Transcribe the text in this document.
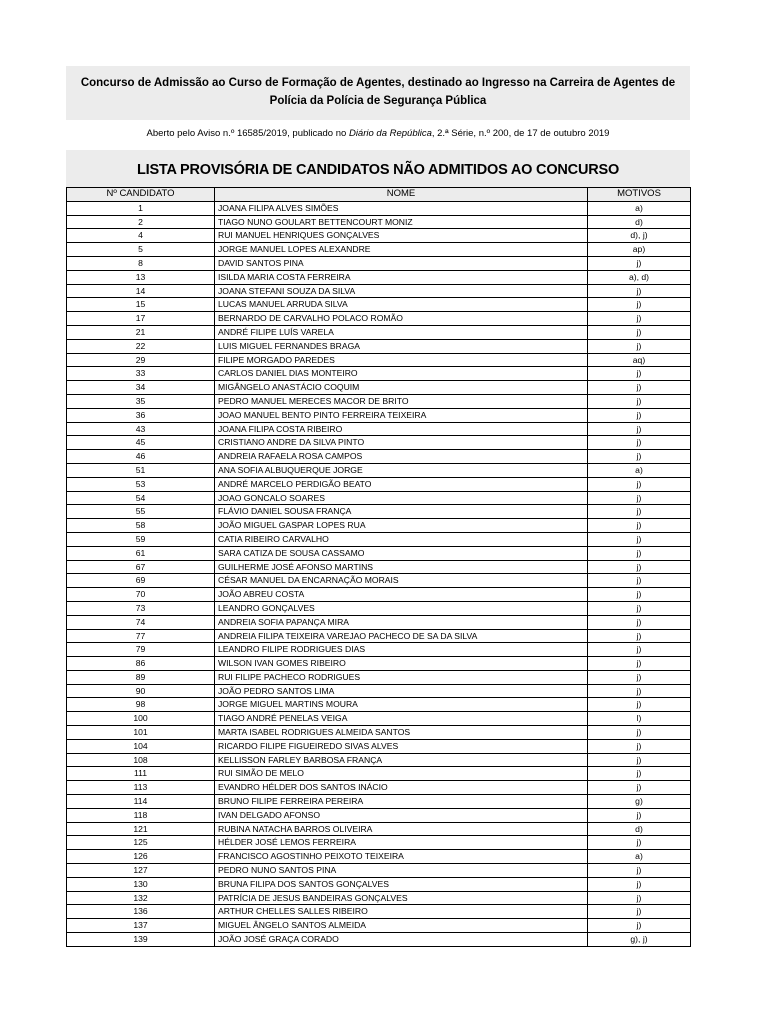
Concurso de Admissão ao Curso de Formação de Agentes, destinado ao Ingresso na Carreira de Agentes de Polícia da Polícia de Segurança Pública
Aberto pelo Aviso n.º 16585/2019, publicado no Diário da República, 2.ª Série, n.º 200, de 17 de outubro 2019
LISTA PROVISÓRIA DE CANDIDATOS NÃO ADMITIDOS AO CONCURSO
Nº CANDIDATO	NOME	MOTIVOS
1	JOANA FILIPA ALVES SIMÕES	a)
2	TIAGO NUNO GOULART BETTENCOURT MONIZ	d)
4	RUI MANUEL HENRIQUES GONÇALVES	d), j)
5	JORGE MANUEL LOPES ALEXANDRE	ap)
8	DAVID SANTOS PINA	j)
13	ISILDA MARIA COSTA FERREIRA	a), d)
14	JOANA STEFANI SOUZA DA SILVA	j)
15	LUCAS MANUEL ARRUDA SILVA	j)
17	BERNARDO DE CARVALHO POLACO ROMÃO	j)
21	ANDRÉ FILIPE LUÍS VARELA	j)
22	LUIS MIGUEL FERNANDES BRAGA	j)
29	FILIPE MORGADO PAREDES	aq)
33	CARLOS DANIEL DIAS MONTEIRO	j)
34	MIGÂNGELO ANASTÁCIO COQUIM	j)
35	PEDRO MANUEL MERECES MACOR DE BRITO	j)
36	JOAO MANUEL BENTO PINTO FERREIRA TEIXEIRA	j)
43	JOANA FILIPA COSTA RIBEIRO	j)
45	CRISTIANO ANDRE DA SILVA PINTO	j)
46	ANDREIA RAFAELA ROSA CAMPOS	j)
51	ANA SOFIA ALBUQUERQUE JORGE	a)
53	ANDRÉ MARCELO PERDIGÃO BEATO	j)
54	JOAO GONCALO SOARES	j)
55	FLÁVIO DANIEL SOUSA FRANÇA	j)
58	JOÃO MIGUEL GASPAR LOPES RUA	j)
59	CATIA RIBEIRO CARVALHO	j)
61	SARA CATIZA DE SOUSA CASSAMO	j)
67	GUILHERME JOSÉ AFONSO MARTINS	j)
69	CÉSAR MANUEL DA ENCARNAÇÃO MORAIS	j)
70	JOÃO ABREU COSTA	j)
73	LEANDRO GONÇALVES	j)
74	ANDREIA SOFIA PAPANÇA MIRA	j)
77	ANDREIA FILIPA TEIXEIRA VAREJAO PACHECO DE SA DA SILVA	j)
79	LEANDRO FILIPE RODRIGUES DIAS	j)
86	WILSON IVAN GOMES RIBEIRO	j)
89	RUI FILIPE PACHECO RODRIGUES	j)
90	JOÃO PEDRO SANTOS LIMA	j)
98	JORGE MIGUEL MARTINS MOURA	j)
100	TIAGO ANDRÉ PENELAS VEIGA	l)
101	MARTA ISABEL RODRIGUES ALMEIDA SANTOS	j)
104	RICARDO FILIPE FIGUEIREDO SIVAS ALVES	j)
108	KELLISSON FARLEY BARBOSA FRANÇA	j)
111	RUI SIMÃO DE MELO	j)
113	EVANDRO HÉLDER DOS SANTOS INÁCIO	j)
114	BRUNO FILIPE FERREIRA PEREIRA	g)
118	IVAN DELGADO AFONSO	j)
121	RUBINA NATACHA BARROS OLIVEIRA	d)
125	HÉLDER JOSÉ LEMOS FERREIRA	j)
126	FRANCISCO AGOSTINHO PEIXOTO TEIXEIRA	a)
127	PEDRO NUNO SANTOS PINA	j)
130	BRUNA FILIPA DOS SANTOS GONÇALVES	j)
132	PATRÍCIA DE JESUS BANDEIRAS GONÇALVES	j)
136	ARTHUR CHELLES SALLES RIBEIRO	j)
137	MIGUEL ÂNGELO SANTOS ALMEIDA	j)
139	JOÃO JOSÉ GRAÇA CORADO	g), j)
